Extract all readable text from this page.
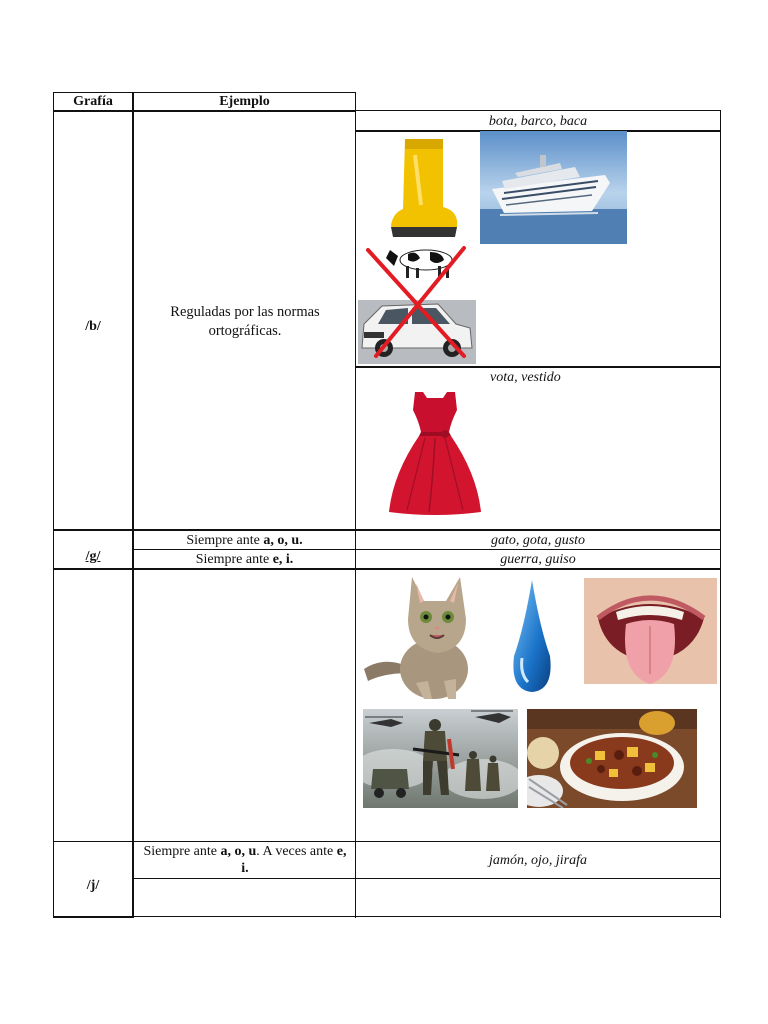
Grafía	Ejemplo
/b/
Reguladas por las normas ortográficas.
bota, barco, baca
vota, vestido
/g/
Siempre ante a, o, u.
Siempre ante e, i.
gato, gota, gusto
guerra, guiso
/j/
Siempre ante a, o, u. A veces ante e, i.
jamón, ojo, jirafa
